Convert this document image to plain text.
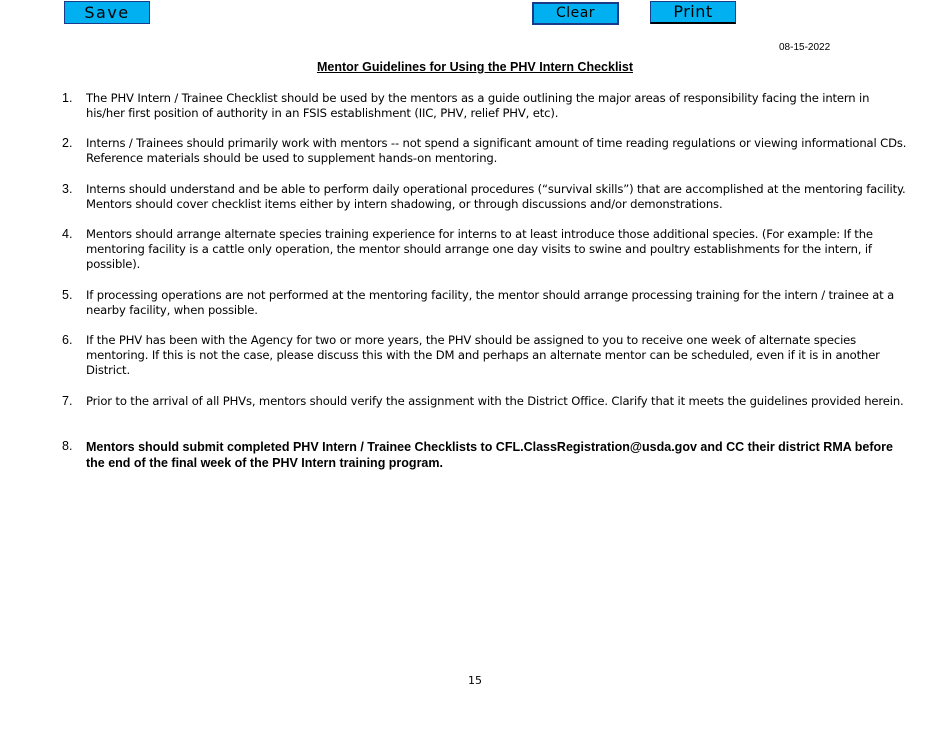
Save	Clear	Print
08-15-2022
Mentor Guidelines for Using the PHV Intern Checklist
1.	The PHV Intern / Trainee Checklist should be used by the mentors as a guide outlining the major areas of responsibility facing the intern in his/her first position of authority in an FSIS establishment (IIC, PHV, relief PHV, etc).
2.	Interns / Trainees should primarily work with mentors -- not spend a significant amount of time reading regulations or viewing informational CDs. Reference materials should be used to supplement hands-on mentoring.
3.	Interns should understand and be able to perform daily operational procedures (“survival skills”) that are accomplished at the mentoring facility. Mentors should cover checklist items either by intern shadowing, or through discussions and/or demonstrations.
4.	Mentors should arrange alternate species training experience for interns to at least introduce those additional species. (For example: If the mentoring facility is a cattle only operation, the mentor should arrange one day visits to swine and poultry establishments for the intern, if possible).
5.	If processing operations are not performed at the mentoring facility, the mentor should arrange processing training for the intern / trainee at a nearby facility, when possible.
6.	If the PHV has been with the Agency for two or more years, the PHV should be assigned to you to receive one week of alternate species mentoring. If this is not the case, please discuss this with the DM and perhaps an alternate mentor can be scheduled, even if it is in another District.
7.	Prior to the arrival of all PHVs, mentors should verify the assignment with the District Office. Clarify that it meets the guidelines provided herein.
8.	Mentors should submit completed PHV Intern / Trainee Checklists to CFL.ClassRegistration@usda.gov and CC their district RMA before the end of the final week of the PHV Intern training program.
15
